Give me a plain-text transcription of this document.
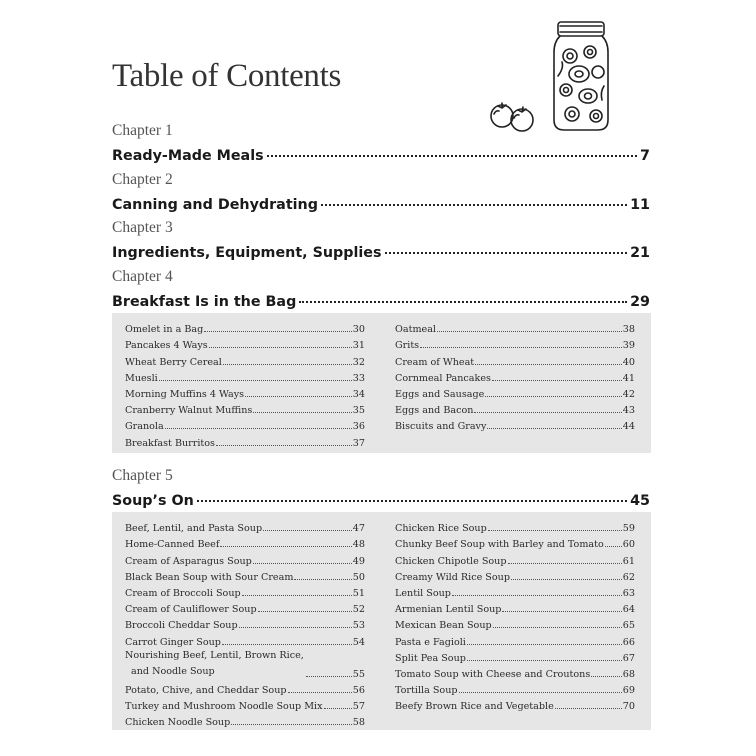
Table of Contents
Chapter 1
Ready-Made Meals	7
Chapter 2
Canning and Dehydrating	11
Chapter 3
Ingredients, Equipment, Supplies	21
Chapter 4
Breakfast Is in the Bag	29
Omelet in a Bag	30
Pancakes 4 Ways	31
Wheat Berry Cereal	32
Muesli	33
Morning Muffins 4 Ways	34
Cranberry Walnut Muffins	35
Granola	36
Breakfast Burritos	37
Oatmeal	38
Grits	39
Cream of Wheat	40
Cornmeal Pancakes	41
Eggs and Sausage	42
Eggs and Bacon	43
Biscuits and Gravy	44
Chapter 5
Soup’s On	45
Beef, Lentil, and Pasta Soup	47
Home-Canned Beef	48
Cream of Asparagus Soup	49
Black Bean Soup with Sour Cream	50
Cream of Broccoli Soup	51
Cream of Cauliflower Soup	52
Broccoli Cheddar Soup	53
Carrot Ginger Soup	54
Nourishing Beef, Lentil, Brown Rice,
and Noodle Soup	55
Potato, Chive, and Cheddar Soup	56
Turkey and Mushroom Noodle Soup Mix	57
Chicken Noodle Soup	58
Chicken Rice Soup	59
Chunky Beef Soup with Barley and Tomato 60
Chicken Chipotle Soup	61
Creamy Wild Rice Soup	62
Lentil Soup	63
Armenian Lentil Soup	64
Mexican Bean Soup	65
Pasta e Fagioli	66
Split Pea Soup	67
Tomato Soup with Cheese and Croutons	68
Tortilla Soup	69
Beefy Brown Rice and Vegetable	70
